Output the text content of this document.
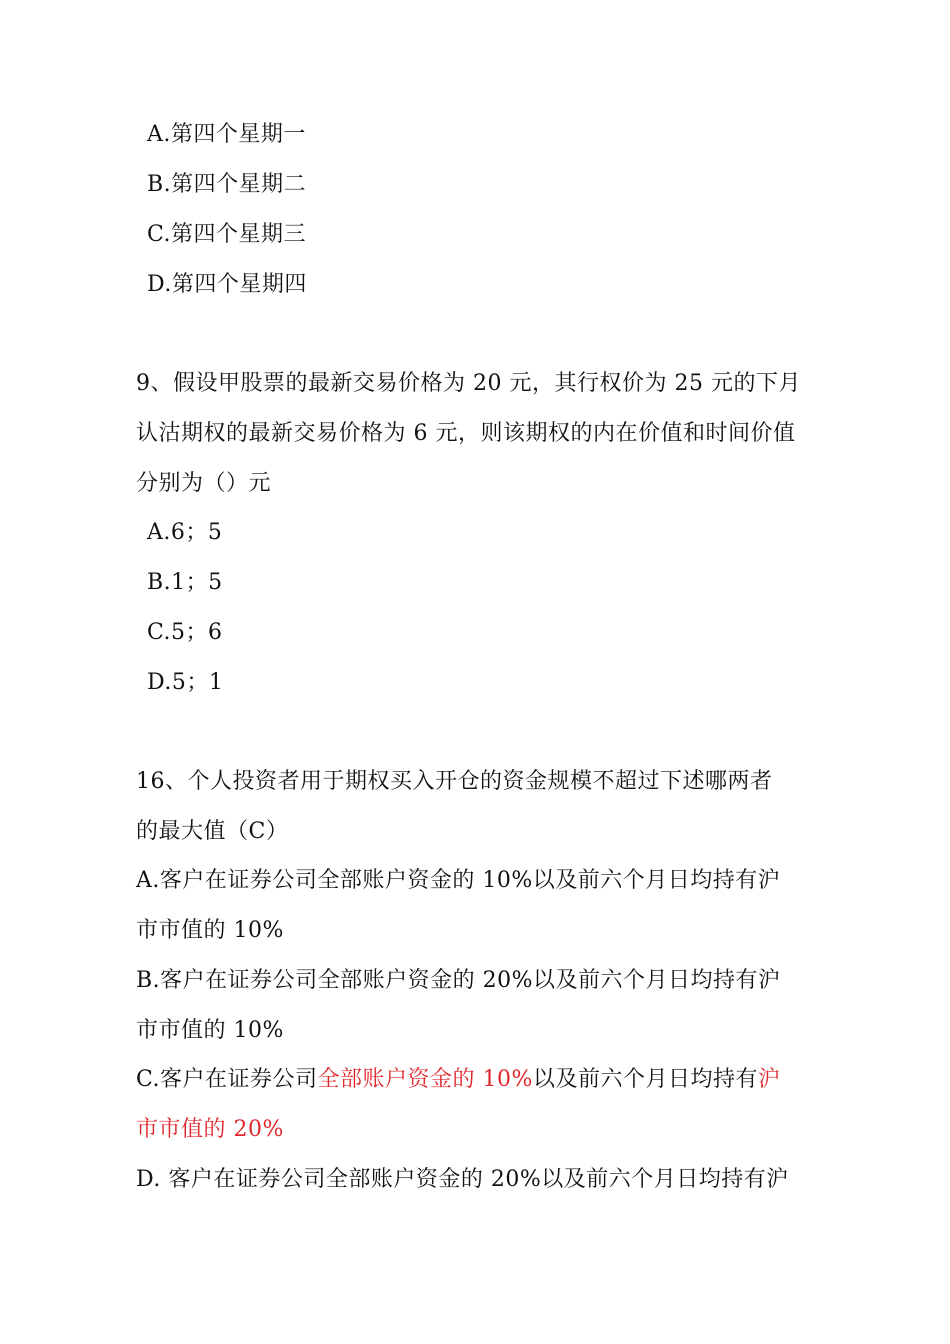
A.第四个星期一
B.第四个星期二
C.第四个星期三
D.第四个星期四
9、假设甲股票的最新交易价格为 20 元，其行权价为 25 元的下月
认沽期权的最新交易价格为 6 元，则该期权的内在价值和时间价值
分别为（）元
A.6；5
B.1；5
C.5；6
D.5；1
16、个人投资者用于期权买入开仓的资金规模不超过下述哪两者
的最大值（C）
A.客户在证券公司全部账户资金的 10%以及前六个月日均持有沪
市市值的 10%
B.客户在证券公司全部账户资金的 20%以及前六个月日均持有沪
市市值的 10%
C.客户在证券公司全部账户资金的 10%以及前六个月日均持有沪
市市值的 20%
D. 客户在证券公司全部账户资金的 20%以及前六个月日均持有沪
